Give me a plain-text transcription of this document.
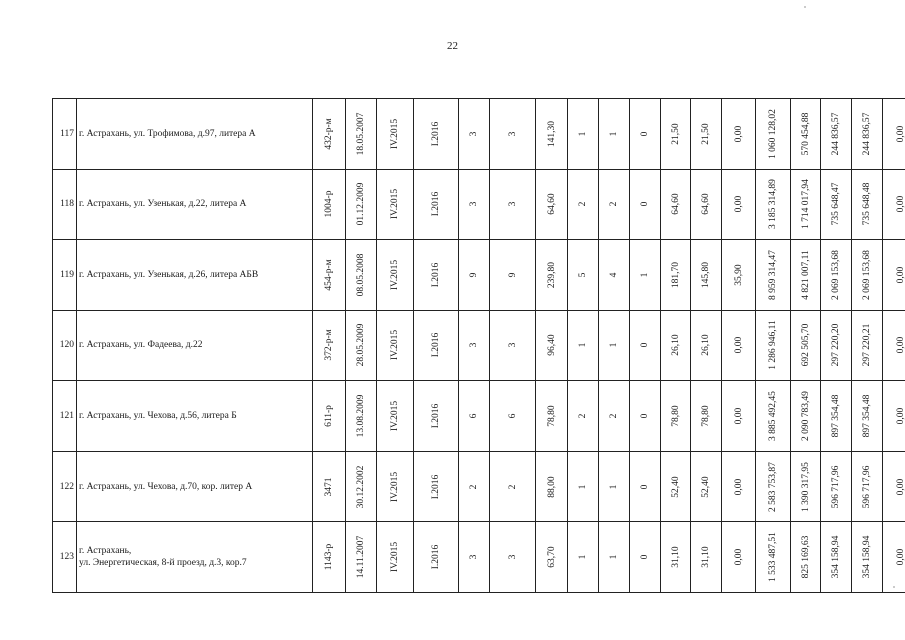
22
117	г. Астрахань, ул. Трофимова, д.97, литера А	432-р-м	18.05.2007	IV.2015	I.2016	3	3	141,30	1	1	0	21,50	21,50	0,00	1 060 128,02	570 454,88	244 836,57	244 836,57	0,00

118	г. Астрахань, ул. Узенькая, д.22, литера А	1004-р	01.12.2009	IV.2015	I.2016	3	3	64,60	2	2	0	64,60	64,60	0,00	3 185 314,89	1 714 017,94	735 648,47	735 648,48	0,00

119	г. Астрахань, ул. Узенькая, д.26, литера АБВ	454-р-м	08.05.2008	IV.2015	I.2016	9	9	239,80	5	4	1	181,70	145,80	35,90	8 959 314,47	4 821 007,11	2 069 153,68	2 069 153,68	0,00

120	г. Астрахань, ул. Фадеева, д.22	372-р-м	28.05.2009	IV.2015	I.2016	3	3	96,40	1	1	0	26,10	26,10	0,00	1 286 946,11	692 505,70	297 220,20	297 220,21	0,00

121	г. Астрахань, ул. Чехова, д.56, литера Б	611-р	13.08.2009	IV.2015	I.2016	6	6	78,80	2	2	0	78,80	78,80	0,00	3 885 492,45	2 090 783,49	897 354,48	897 354,48	0,00

122	г. Астрахань, ул. Чехова, д.70, кор. литер А	3471	30.12.2002	IV.2015	I.2016	2	2	88,00	1	1	0	52,40	52,40	0,00	2 583 753,87	1 390 317,95	596 717,96	596 717,96	0,00

123	г. Астрахань,
ул. Энергетическая, 8-й проезд, д.3, кор.7	1143-р	14.11.2007	IV.2015	I.2016	3	3	63,70	1	1	0	31,10	31,10	0,00	1 533 487,51	825 169,63	354 158,94	354 158,94	0,00
